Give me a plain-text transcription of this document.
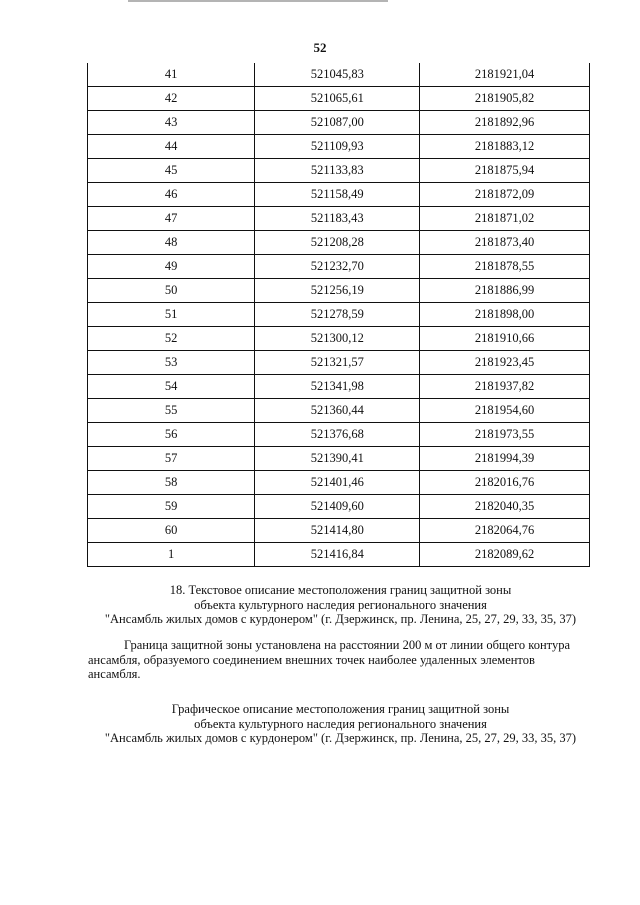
52
41	521045,83	2181921,04
42	521065,61	2181905,82
43	521087,00	2181892,96
44	521109,93	2181883,12
45	521133,83	2181875,94
46	521158,49	2181872,09
47	521183,43	2181871,02
48	521208,28	2181873,40
49	521232,70	2181878,55
50	521256,19	2181886,99
51	521278,59	2181898,00
52	521300,12	2181910,66
53	521321,57	2181923,45
54	521341,98	2181937,82
55	521360,44	2181954,60
56	521376,68	2181973,55
57	521390,41	2181994,39
58	521401,46	2182016,76
59	521409,60	2182040,35
60	521414,80	2182064,76
1	521416,84	2182089,62
18. Текстовое описание местоположения границ защитной зоны
объекта культурного наследия регионального значения
"Ансамбль жилых домов с курдонером" (г. Дзержинск, пр. Ленина, 25, 27, 29, 33, 35, 37)
Граница защитной зоны установлена на расстоянии 200 м от линии общего контура
ансамбля, образуемого соединением внешних точек наиболее удаленных элементов
ансамбля.
Графическое описание местоположения границ защитной зоны
объекта культурного наследия регионального значения
"Ансамбль жилых домов с курдонером" (г. Дзержинск, пр. Ленина, 25, 27, 29, 33, 35, 37)
